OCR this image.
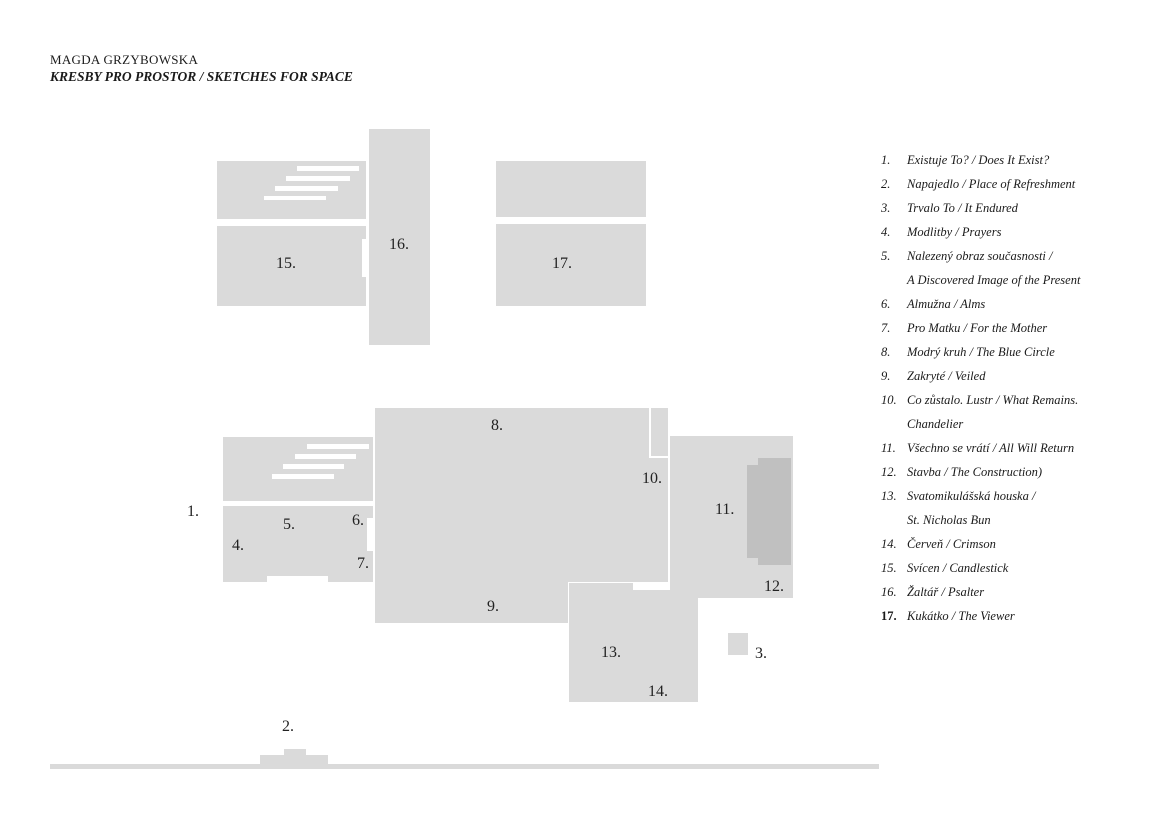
MAGDA GRZYBOWSKA
KRESBY PRO PROSTOR / SKETCHES FOR SPACE
15.
16.
17.
1.
4.
5.	6.
7.
8.
9.
10.
11.
12.
13.
14.
3.
2.
1.	Existuje To? / Does It Exist?
2.	Napajedlo / Place of Refreshment
3.	Trvalo To / It Endured
4.	Modlitby / Prayers
5.	Nalezený obraz současnosti /
A Discovered Image of the Present
6.	Almužna / Alms
7.	Pro Matku / For the Mother
8.	Modrý kruh / The Blue Circle
9.	Zakryté / Veiled
10. Co zůstalo. Lustr / What Remains.
Chandelier
11. Všechno se vrátí / All Will Return
12. Stavba / The Construction)
13. Svatomikulášská houska /
St. Nicholas Bun
14. Červeň / Crimson
15. Svícen / Candlestick
16. Žaltář / Psalter
17. Kukátko / The Viewer
